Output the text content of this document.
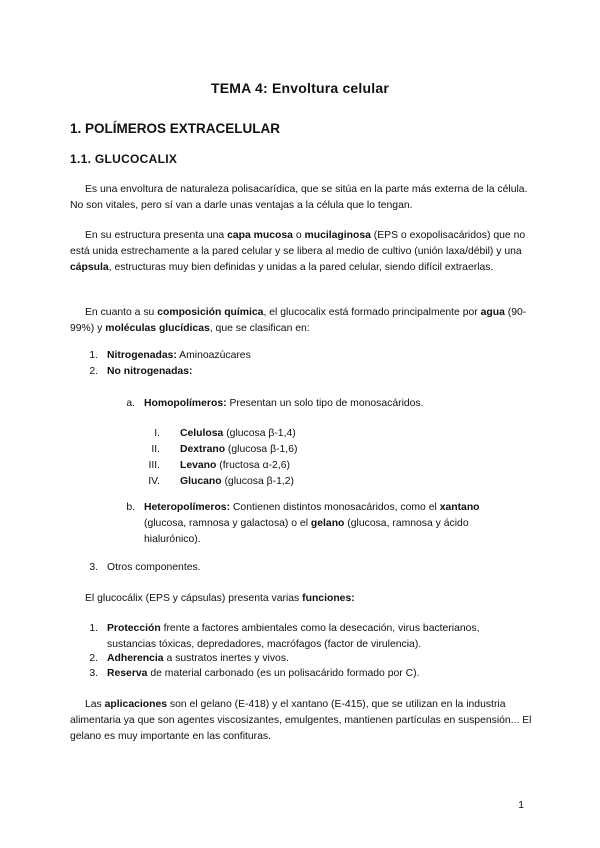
TEMA 4: Envoltura celular
1. POLÍMEROS EXTRACELULAR
1.1. GLUCOCALIX
Es una envoltura de naturaleza polisacarídica, que se sitúa en la parte más externa de la célula. No son vitales, pero sí van a darle unas ventajas a la célula que lo tengan.
En su estructura presenta una capa mucosa o mucilaginosa (EPS o exopolisacáridos) que no está unida estrechamente a la pared celular y se libera al medio de cultivo (unión laxa/débil) y una cápsula, estructuras muy bien definidas y unidas a la pared celular, siendo difícil extraerlas.
En cuanto a su composición química, el glucocalix está formado principalmente por agua (90-99%) y moléculas glucídicas, que se clasifican en:
1. Nitrogenadas: Aminoazúcares
2. No nitrogenadas:
a. Homopolímeros: Presentan un solo tipo de monosacáridos.
I. Celulosa (glucosa β-1,4)
II. Dextrano (glucosa β-1,6)
III. Levano (fructosa α-2,6)
IV. Glucano (glucosa β-1,2)
b. Heteropolímeros: Contienen distintos monosacáridos, como el xantano (glucosa, ramnosa y galactosa) o el gelano (glucosa, ramnosa y ácido hialurónico).
3. Otros componentes.
El glucocálix (EPS y cápsulas) presenta varias funciones:
1. Protección frente a factores ambientales como la desecación, virus bacterianos, sustancias tóxicas, depredadores, macrófagos (factor de virulencia).
2. Adherencia a sustratos inertes y vivos.
3. Reserva de material carbonado (es un polisacárido formado por C).
Las aplicaciones son el gelano (E-418) y el xantano (E-415), que se utilizan en la industria alimentaria ya que son agentes viscosizantes, emulgentes, mantienen partículas en suspensión... El gelano es muy importante en las confituras.
1
